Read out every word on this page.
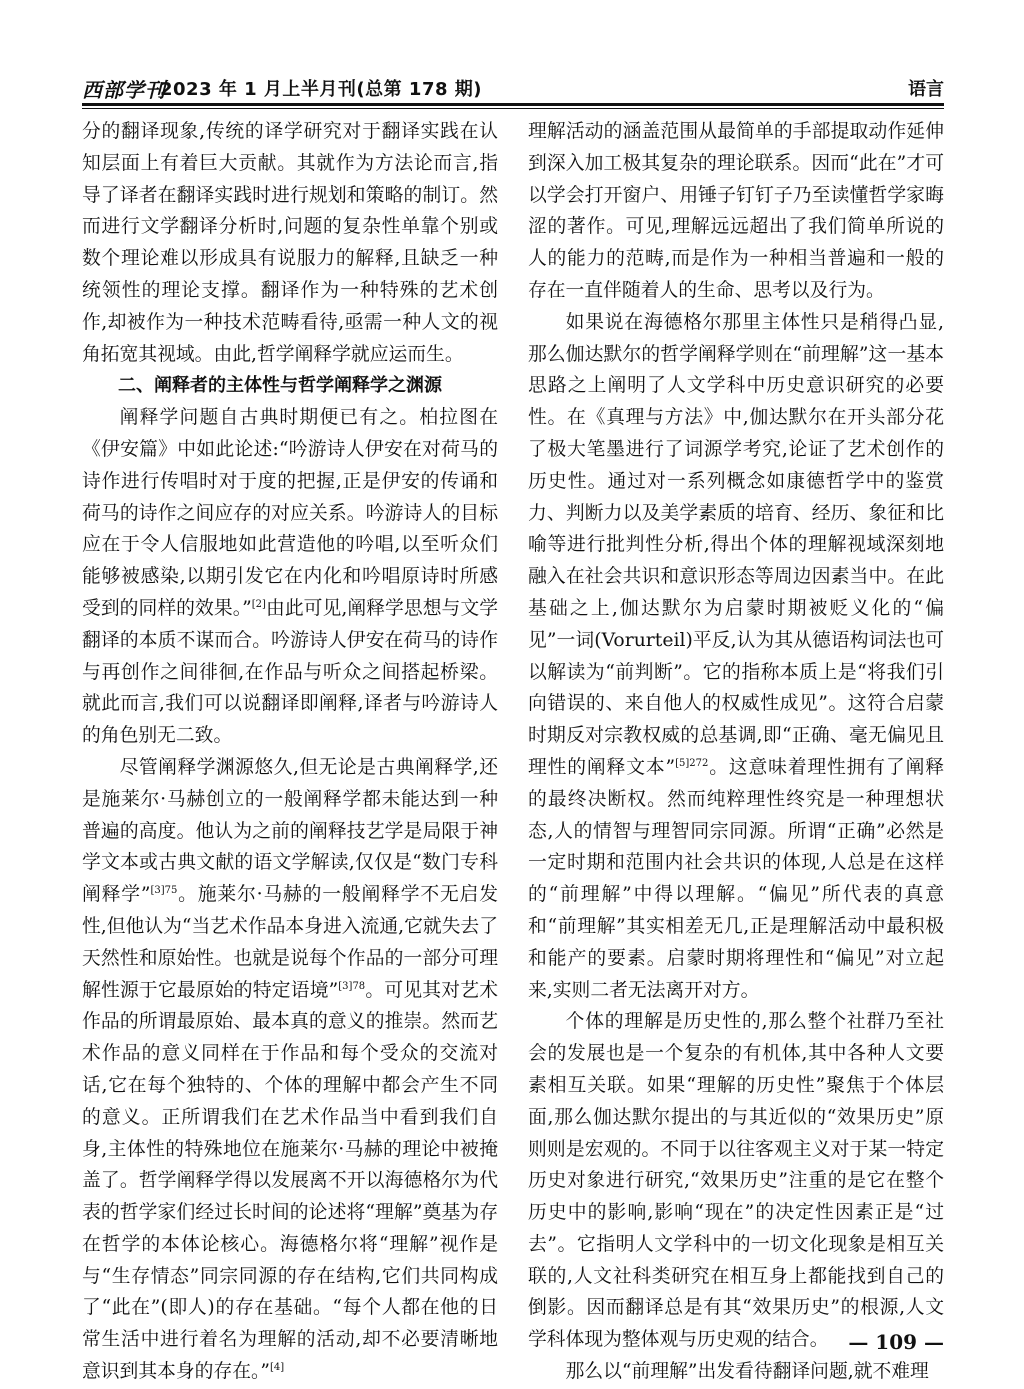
西部学刊
2023 年 1 月上半月刊(总第 178 期)	语言

分的翻译现象,传统的译学研究对于翻译实践在认知层面上有着巨大贡献。其就作为方法论而言,指导了译者在翻译实践时进行规划和策略的制订。然而进行文学翻译分析时,问题的复杂性单靠个别或数个理论难以形成具有说服力的解释,且缺乏一种统领性的理论支撑。翻译作为一种特殊的艺术创作,却被作为一种技术范畴看待,亟需一种人文的视角拓宽其视域。由此,哲学阐释学就应运而生。

二、阐释者的主体性与哲学阐释学之渊源

阐释学问题自古典时期便已有之。柏拉图在《伊安篇》中如此论述:“吟游诗人伊安在对荷马的诗作进行传唱时对于度的把握,正是伊安的传诵和荷马的诗作之间应存的对应关系。吟游诗人的目标应在于令人信服地如此营造他的吟唱,以至听众们能够被感染,以期引发它在内化和吟唱原诗时所感受到的同样的效果。”[2]由此可见,阐释学思想与文学翻译的本质不谋而合。吟游诗人伊安在荷马的诗作与再创作之间徘徊,在作品与听众之间搭起桥梁。就此而言,我们可以说翻译即阐释,译者与吟游诗人的角色别无二致。

尽管阐释学渊源悠久,但无论是古典阐释学,还是施莱尔·马赫创立的一般阐释学都未能达到一种普遍的高度。他认为之前的阐释技艺学是局限于神学文本或古典文献的语文学解读,仅仅是“数门专科阐释学”$^{[3]75}$。施莱尔·马赫的一般阐释学不无启发性,但他认为“当艺术作品本身进入流通,它就失去了天然性和原始性。也就是说每个作品的一部分可理解性源于它最原始的特定语境”$^{[3]78}$。可见其对艺术作品的所谓最原始、最本真的意义的推崇。然而艺术作品的意义同样在于作品和每个受众的交流对话,它在每个独特的、个体的理解中都会产生不同的意义。正所谓我们在艺术作品当中看到我们自身,主体性的特殊地位在施莱尔·马赫的理论中被掩盖了。哲学阐释学得以发展离不开以海德格尔为代表的哲学家们经过长时间的论述将“理解”奠基为存在哲学的本体论核心。海德格尔将“理解”视作是与“生存情态”同宗同源的存在结构,它们共同构成了“此在”(即人)的存在基础。“每个人都在他的日常生活中进行着名为理解的活动,却不必要清晰地意识到其本身的存在。”[4]

理解活动的涵盖范围从最简单的手部提取动作延伸到深入加工极其复杂的理论联系。因而“此在”才可以学会打开窗户、用锤子钉钉子乃至读懂哲学家晦涩的著作。可见,理解远远超出了我们简单所说的人的能力的范畴,而是作为一种相当普遍和一般的存在一直伴随着人的生命、思考以及行为。

如果说在海德格尔那里主体性只是稍得凸显,那么伽达默尔的哲学阐释学则在“前理解”这一基本思路之上阐明了人文学科中历史意识研究的必要性。在《真理与方法》中,伽达默尔在开头部分花了极大笔墨进行了词源学考究,论证了艺术创作的历史性。通过对一系列概念如康德哲学中的鉴赏力、判断力以及美学素质的培育、经历、象征和比喻等进行批判性分析,得出个体的理解视域深刻地融入在社会共识和意识形态等周边因素当中。在此基础之上,伽达默尔为启蒙时期被贬义化的“偏见”一词(Vorurteil)平反,认为其从德语构词法也可以解读为“前判断”。它的指称本质上是“将我们引向错误的、来自他人的权威性成见”。这符合启蒙时期反对宗教权威的总基调,即“正确、毫无偏见且理性的阐释文本”$^{[5]272}$。这意味着理性拥有了阐释的最终决断权。然而纯粹理性终究是一种理想状态,人的情智与理智同宗同源。所谓“正确”必然是一定时期和范围内社会共识的体现,人总是在这样的“前理解”中得以理解。“偏见”所代表的真意和“前理解”其实相差无几,正是理解活动中最积极和能产的要素。启蒙时期将理性和“偏见”对立起来,实则二者无法离开对方。

个体的理解是历史性的,那么整个社群乃至社会的发展也是一个复杂的有机体,其中各种人文要素相互关联。如果“理解的历史性”聚焦于个体层面,那么伽达默尔提出的与其近似的“效果历史”原则则是宏观的。不同于以往客观主义对于某一特定历史对象进行研究,“效果历史”注重的是它在整个历史中的影响,影响“现在”的决定性因素正是“过去”。它指明人文学科中的一切文化现象是相互关联的,人文社科类研究在相互身上都能找到自己的倒影。因而翻译总是有其“效果历史”的根源,人文学科体现为整体观与历史观的结合。

那么以“前理解”出发看待翻译问题,就不难理

— 109 —
